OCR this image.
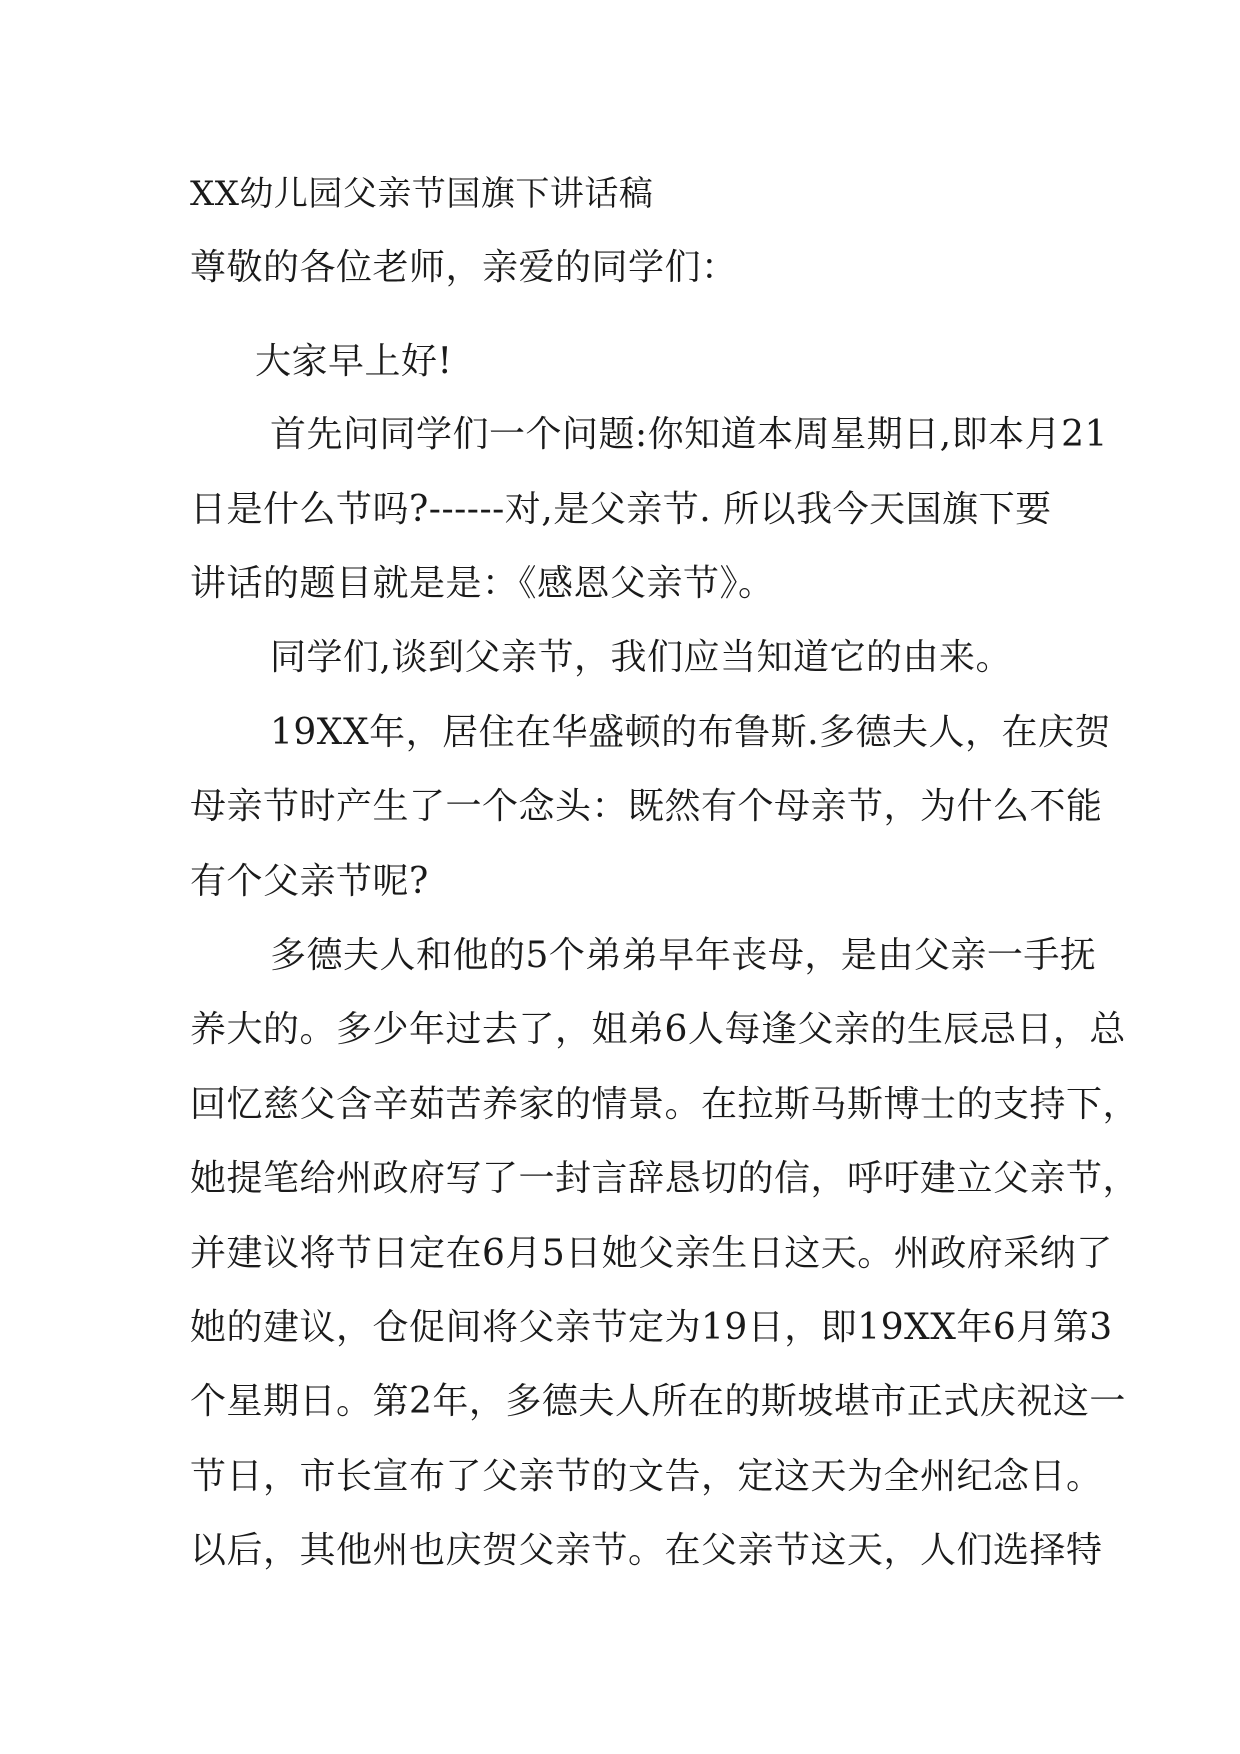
XX幼儿园父亲节国旗下讲话稿
尊敬的各位老师，亲爱的同学们：
大家早上好!
首先问同学们一个问题:你知道本周星期日,即本月21
日是什么节吗?------对,是父亲节. 所以我今天国旗下要
讲话的题目就是是：《感恩父亲节》。
同学们,谈到父亲节，我们应当知道它的由来。
19XX年，居住在华盛顿的布鲁斯.多德夫人，在庆贺
母亲节时产生了一个念头：既然有个母亲节，为什么不能
有个父亲节呢?
多德夫人和他的5个弟弟早年丧母，是由父亲一手抚
养大的。多少年过去了，姐弟6人每逢父亲的生辰忌日，总
回忆慈父含辛茹苦养家的情景。在拉斯马斯博士的支持下，
她提笔给州政府写了一封言辞恳切的信，呼吁建立父亲节，
并建议将节日定在6月5日她父亲生日这天。州政府采纳了
她的建议，仓促间将父亲节定为19日，即19XX年6月第3
个星期日。第2年，多德夫人所在的斯坡堪市正式庆祝这一
节日，市长宣布了父亲节的文告，定这天为全州纪念日。
以后，其他州也庆贺父亲节。在父亲节这天，人们选择特
